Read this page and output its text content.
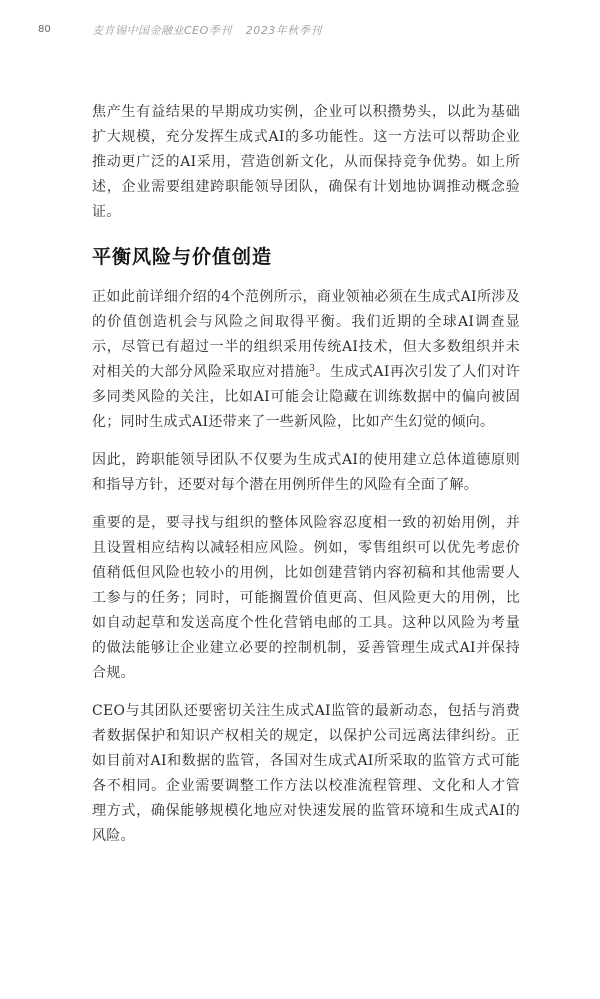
80	麦肯锡中国金融业CEO季刊 2023年秋季刊

焦产生有益结果的早期成功实例，企业可以积攒势头，以此为基础扩大规模，充分发挥生成式AI的多功能性。这一方法可以帮助企业推动更广泛的AI采用，营造创新文化，从而保持竞争优势。如上所述，企业需要组建跨职能领导团队，确保有计划地协调推动概念验证。

平衡风险与价值创造

正如此前详细介绍的4个范例所示，商业领袖必须在生成式AI所涉及的价值创造机会与风险之间取得平衡。我们近期的全球AI调查显示，尽管已有超过一半的组织采用传统AI技术，但大多数组织并未对相关的大部分风险采取应对措施$^3$。生成式AI再次引发了人们对许多同类风险的关注，比如AI可能会让隐藏在训练数据中的偏向被固化；同时生成式AI还带来了一些新风险，比如产生幻觉的倾向。

因此，跨职能领导团队不仅要为生成式AI的使用建立总体道德原则和指导方针，还要对每个潜在用例所伴生的风险有全面了解。

重要的是，要寻找与组织的整体风险容忍度相一致的初始用例，并且设置相应结构以减轻相应风险。例如，零售组织可以优先考虑价值稍低但风险也较小的用例，比如创建营销内容初稿和其他需要人工参与的任务；同时，可能搁置价值更高、但风险更大的用例，比如自动起草和发送高度个性化营销电邮的工具。这种以风险为考量的做法能够让企业建立必要的控制机制，妥善管理生成式AI并保持合规。

CEO与其团队还要密切关注生成式AI监管的最新动态，包括与消费者数据保护和知识产权相关的规定，以保护公司远离法律纠纷。正如目前对AI和数据的监管，各国对生成式AI所采取的监管方式可能各不相同。企业需要调整工作方法以校准流程管理、文化和人才管理方式，确保能够规模化地应对快速发展的监管环境和生成式AI的风险。
